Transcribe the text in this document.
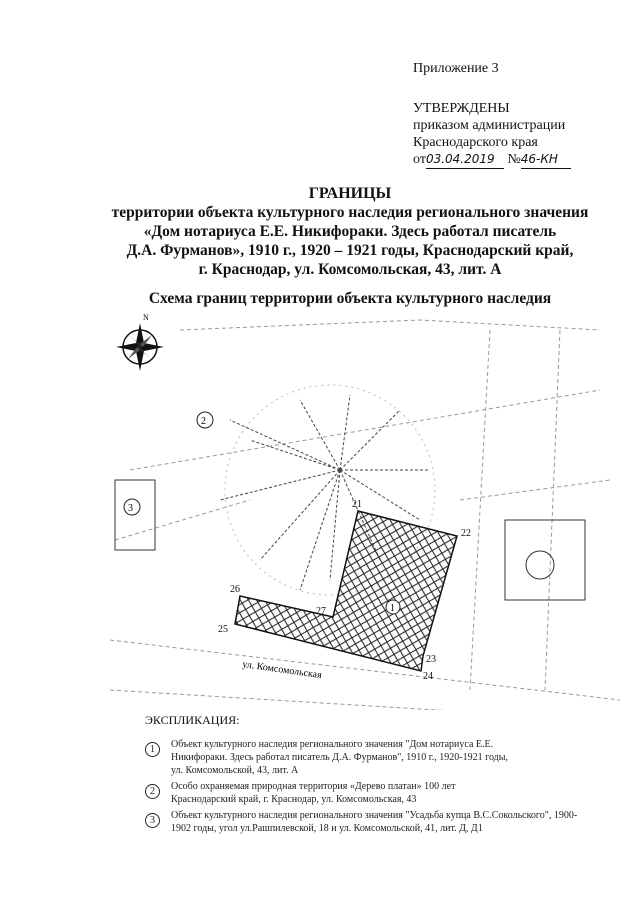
Приложение 3
УТВЕРЖДЕНЫ
приказом администрации
Краснодарского края
от03.04.2019 №46-КН
ГРАНИЦЫ
территории объекта культурного наследия регионального значения
«Дом нотариуса Е.Е. Никифораки. Здесь работал писатель
Д.А. Фурманов», 1910 г., 1920 – 1921 годы, Краснодарский край,
г. Краснодар, ул. Комсомольская, 43, лит. А
Схема границ территории объекта культурного наследия
N
21
22
23
24
25
26
27	1
2
3
ул. Комсомольская
ЭКСПЛИКАЦИЯ:
1	Объект культурного наследия регионального значения "Дом нотариуса Е.Е. Никифораки. Здесь работал писатель Д.А. Фурманов", 1910 г., 1920-1921 годы, ул. Комсомольской, 43, лит. А
2	Особо охраняемая природная территория «Дерево платан» 100 лет Краснодарский край, г. Краснодар, ул. Комсомольская, 43
3	Объект культурного наследия регионального значения "Усадьба купца В.С.Сокольского", 1900-1902 годы, угол ул.Рашпилевской, 18 и ул. Комсомольской, 41, лит. Д, Д1
